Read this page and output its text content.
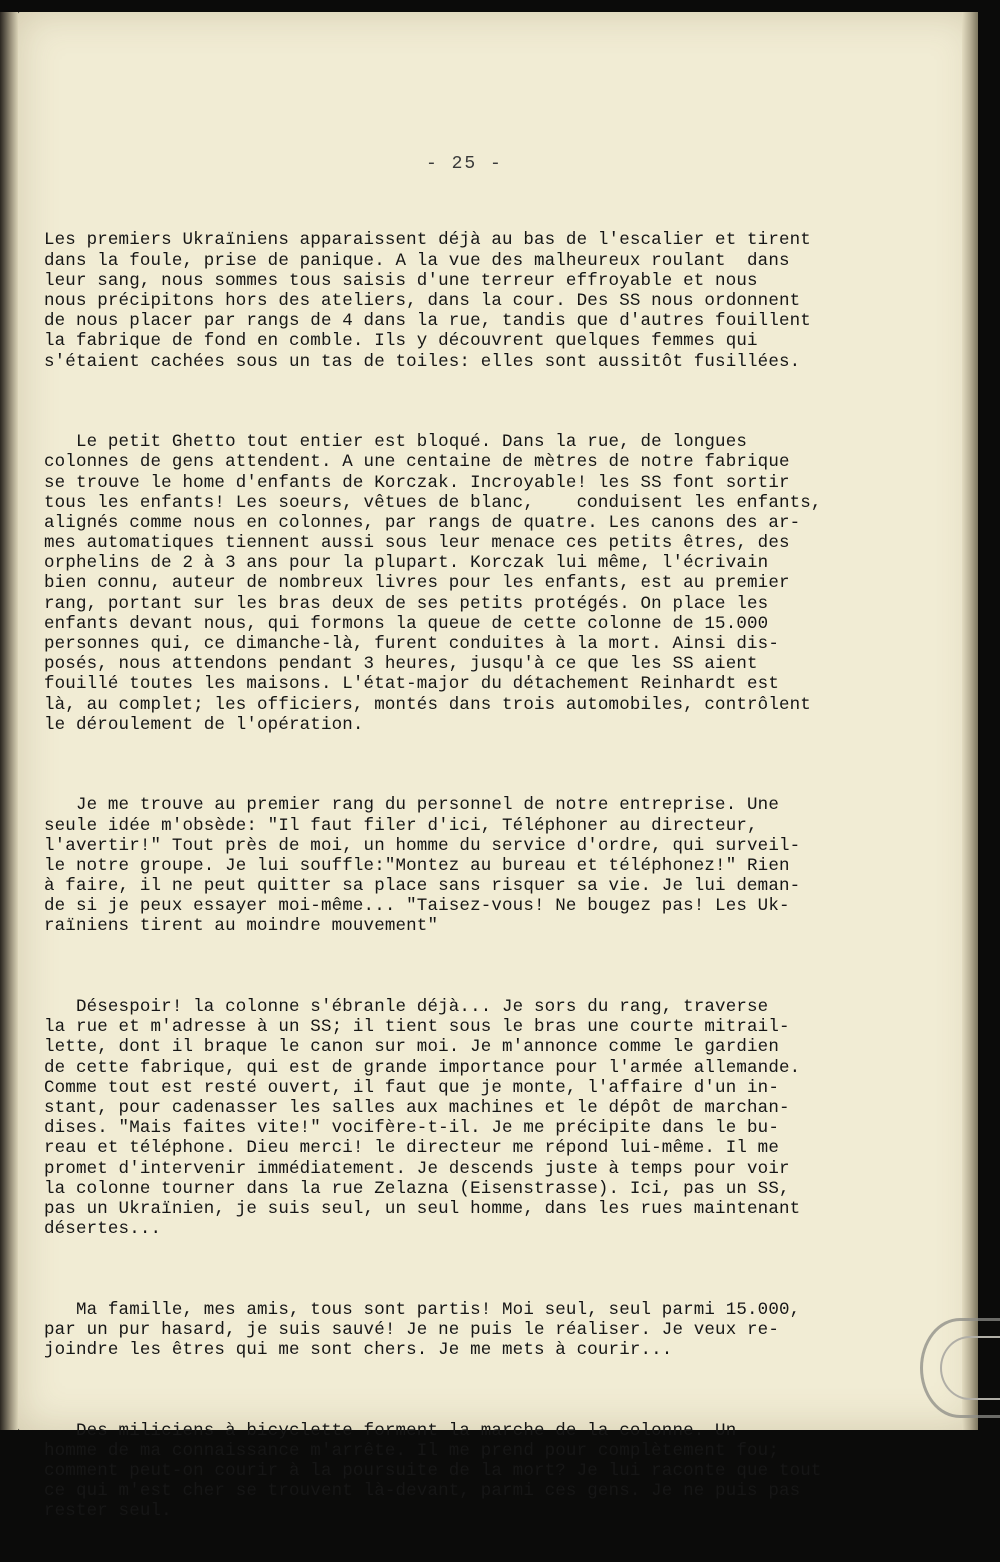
- 25 -

Les premiers Ukraïniens apparaissent déjà au bas de l'escalier et tirent
dans la foule, prise de panique. A la vue des malheureux roulant  dans
leur sang, nous sommes tous saisis d'une terreur effroyable et nous
nous précipitons hors des ateliers, dans la cour. Des SS nous ordonnent
de nous placer par rangs de 4 dans la rue, tandis que d'autres fouillent
la fabrique de fond en comble. Ils y découvrent quelques femmes qui
s'étaient cachées sous un tas de toiles: elles sont aussitôt fusillées.

Le petit Ghetto tout entier est bloqué. Dans la rue, de longues
colonnes de gens attendent. A une centaine de mètres de notre fabrique
se trouve le home d'enfants de Korczak. Incroyable! les SS font sortir
tous les enfants! Les soeurs, vêtues de blanc,    conduisent les enfants,
alignés comme nous en colonnes, par rangs de quatre. Les canons des ar-
mes automatiques tiennent aussi sous leur menace ces petits êtres, des
orphelins de 2 à 3 ans pour la plupart. Korczak lui même, l'écrivain
bien connu, auteur de nombreux livres pour les enfants, est au premier
rang, portant sur les bras deux de ses petits protégés. On place les
enfants devant nous, qui formons la queue de cette colonne de 15.000
personnes qui, ce dimanche-là, furent conduites à la mort. Ainsi dis-
posés, nous attendons pendant 3 heures, jusqu'à ce que les SS aient
fouillé toutes les maisons. L'état-major du détachement Reinhardt est
là, au complet; les officiers, montés dans trois automobiles, contrôlent
le déroulement de l'opération.

Je me trouve au premier rang du personnel de notre entreprise. Une
seule idée m'obsède: "Il faut filer d'ici, Téléphoner au directeur,
l'avertir!" Tout près de moi, un homme du service d'ordre, qui surveil-
le notre groupe. Je lui souffle:"Montez au bureau et téléphonez!" Rien
à faire, il ne peut quitter sa place sans risquer sa vie. Je lui deman-
de si je peux essayer moi-même... "Taisez-vous! Ne bougez pas! Les Uk-
raïniens tirent au moindre mouvement"

Désespoir! la colonne s'ébranle déjà... Je sors du rang, traverse
la rue et m'adresse à un SS; il tient sous le bras une courte mitrail-
lette, dont il braque le canon sur moi. Je m'annonce comme le gardien
de cette fabrique, qui est de grande importance pour l'armée allemande.
Comme tout est resté ouvert, il faut que je monte, l'affaire d'un in-
stant, pour cadenasser les salles aux machines et le dépôt de marchan-
dises. "Mais faites vite!" vocifère-t-il. Je me précipite dans le bu-
reau et téléphone. Dieu merci! le directeur me répond lui-même. Il me
promet d'intervenir immédiatement. Je descends juste à temps pour voir
la colonne tourner dans la rue Zelazna (Eisenstrasse). Ici, pas un SS,
pas un Ukraïnien, je suis seul, un seul homme, dans les rues maintenant
désertes...

Ma famille, mes amis, tous sont partis! Moi seul, seul parmi 15.000,
par un pur hasard, je suis sauvé! Je ne puis le réaliser. Je veux re-
joindre les êtres qui me sont chers. Je me mets à courir...

Des miliciens à bicyclette forment la marche de la colonne. Un
homme de ma connaissance m'arrête. Il me prend pour complètement fou;
comment peut-on courir à la poursuite de la mort? Je lui raconte que tout
ce qui m'est cher se trouvent là-devant, parmi ces gens. Je ne puis pas
rester seul.
